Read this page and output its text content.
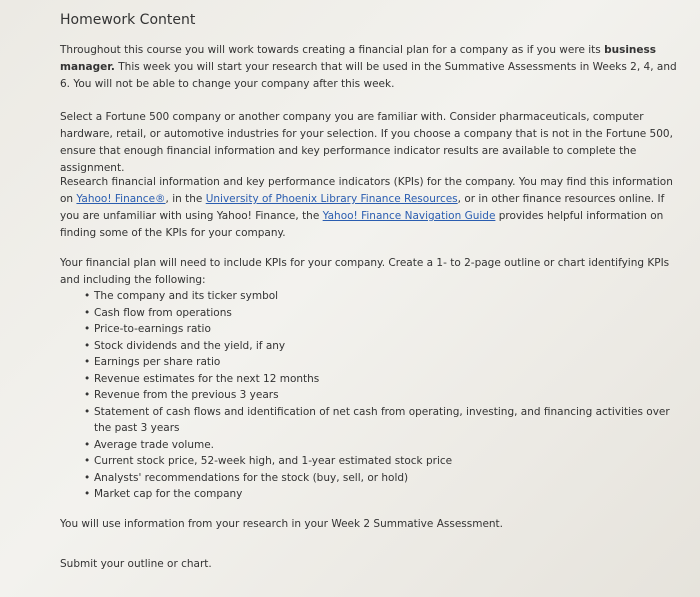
Homework Content
Throughout this course you will work towards creating a financial plan for a company as if you were its business manager. This week you will start your research that will be used in the Summative Assessments in Weeks 2, 4, and 6. You will not be able to change your company after this week.
Select a Fortune 500 company or another company you are familiar with. Consider pharmaceuticals, computer hardware, retail, or automotive industries for your selection. If you choose a company that is not in the Fortune 500, ensure that enough financial information and key performance indicator results are available to complete the assignment.
Research financial information and key performance indicators (KPIs) for the company. You may find this information on Yahoo! Finance®, in the University of Phoenix Library Finance Resources, or in other finance resources online. If you are unfamiliar with using Yahoo! Finance, the Yahoo! Finance Navigation Guide provides helpful information on finding some of the KPIs for your company.
Your financial plan will need to include KPIs for your company. Create a 1- to 2-page outline or chart identifying KPIs and including the following:
• The company and its ticker symbol
• Cash flow from operations
• Price-to-earnings ratio
• Stock dividends and the yield, if any
• Earnings per share ratio
• Revenue estimates for the next 12 months
• Revenue from the previous 3 years
• Statement of cash flows and identification of net cash from operating, investing, and financing activities over the past 3 years
• Average trade volume.
• Current stock price, 52-week high, and 1-year estimated stock price
• Analysts' recommendations for the stock (buy, sell, or hold)
• Market cap for the company
You will use information from your research in your Week 2 Summative Assessment.
Submit your outline or chart.
